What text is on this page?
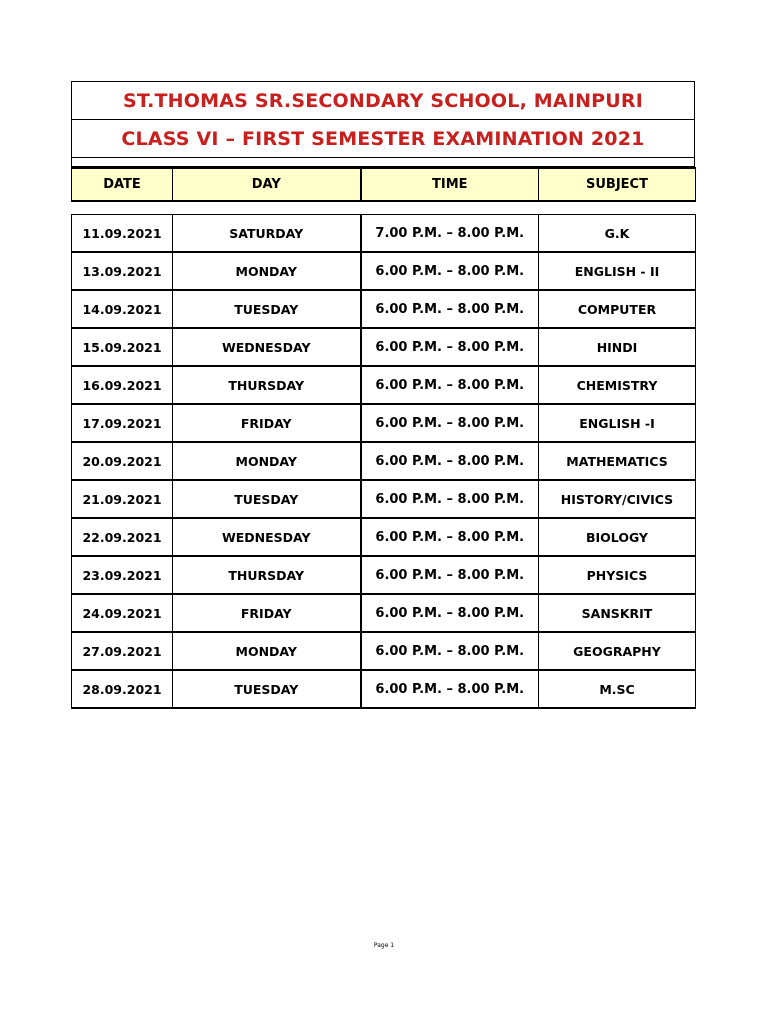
ST.THOMAS SR.SECONDARY SCHOOL, MAINPURI
CLASS VI – FIRST SEMESTER EXAMINATION 2021
DATE	DAY	TIME	SUBJECT
11.09.2021	SATURDAY	7.00 P.M. – 8.00 P.M.	G.K
13.09.2021	MONDAY	6.00 P.M. – 8.00 P.M.	ENGLISH - II
14.09.2021	TUESDAY	6.00 P.M. – 8.00 P.M.	COMPUTER
15.09.2021	WEDNESDAY	6.00 P.M. – 8.00 P.M.	HINDI
16.09.2021	THURSDAY	6.00 P.M. – 8.00 P.M.	CHEMISTRY
17.09.2021	FRIDAY	6.00 P.M. – 8.00 P.M.	ENGLISH -I
20.09.2021	MONDAY	6.00 P.M. – 8.00 P.M.	MATHEMATICS
21.09.2021	TUESDAY	6.00 P.M. – 8.00 P.M.	HISTORY/CIVICS
22.09.2021	WEDNESDAY	6.00 P.M. – 8.00 P.M.	BIOLOGY
23.09.2021	THURSDAY	6.00 P.M. – 8.00 P.M.	PHYSICS
24.09.2021	FRIDAY	6.00 P.M. – 8.00 P.M.	SANSKRIT
27.09.2021	MONDAY	6.00 P.M. – 8.00 P.M.	GEOGRAPHY
28.09.2021	TUESDAY	6.00 P.M. – 8.00 P.M.	M.SC
Page 1
